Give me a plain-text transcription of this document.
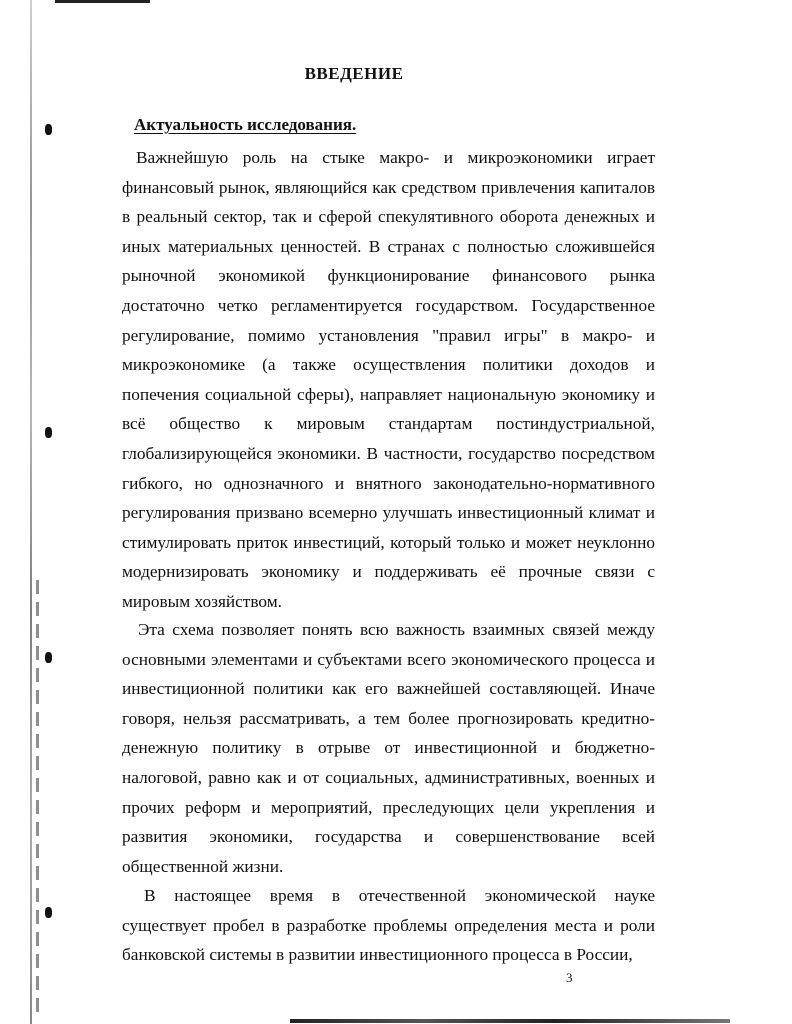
ВВЕДЕНИЕ
Актуальность исследования.

Важнейшую роль на стыке макро- и микроэкономики играет финансовый рынок, являющийся как средством привлечения капиталов в реальный сектор, так и сферой спекулятивного оборота денежных и иных материальных ценностей. В странах с полностью сложившейся рыночной экономикой функционирование финансового рынка достаточно четко регламентируется государством. Государственное регулирование, помимо установления "правил игры" в макро- и микроэкономике (а также осуществления политики доходов и попечения социальной сферы), направляет национальную экономику и всё общество к мировым стандартам постиндустриальной, глобализирующейся экономики. В частности, государство посредством гибкого, но однозначного и внятного законодательно-нормативного регулирования призвано всемерно улучшать инвестиционный климат и стимулировать приток инвестиций, который только и может неуклонно модернизировать экономику и поддерживать её прочные связи с мировым хозяйством.

Эта схема позволяет понять всю важность взаимных связей между основными элементами и субъектами всего экономического процесса и инвестиционной политики как его важнейшей составляющей. Иначе говоря, нельзя рассматривать, а тем более прогнозировать кредитно-денежную политику в отрыве от инвестиционной и бюджетно-налоговой, равно как и от социальных, административных, военных и прочих реформ и мероприятий, преследующих цели укрепления и развития экономики, государства и совершенствование всей общественной жизни.

В настоящее время в отечественной экономической науке существует пробел в разработке проблемы определения места и роли банковской системы в развитии инвестиционного процесса в России,

3
